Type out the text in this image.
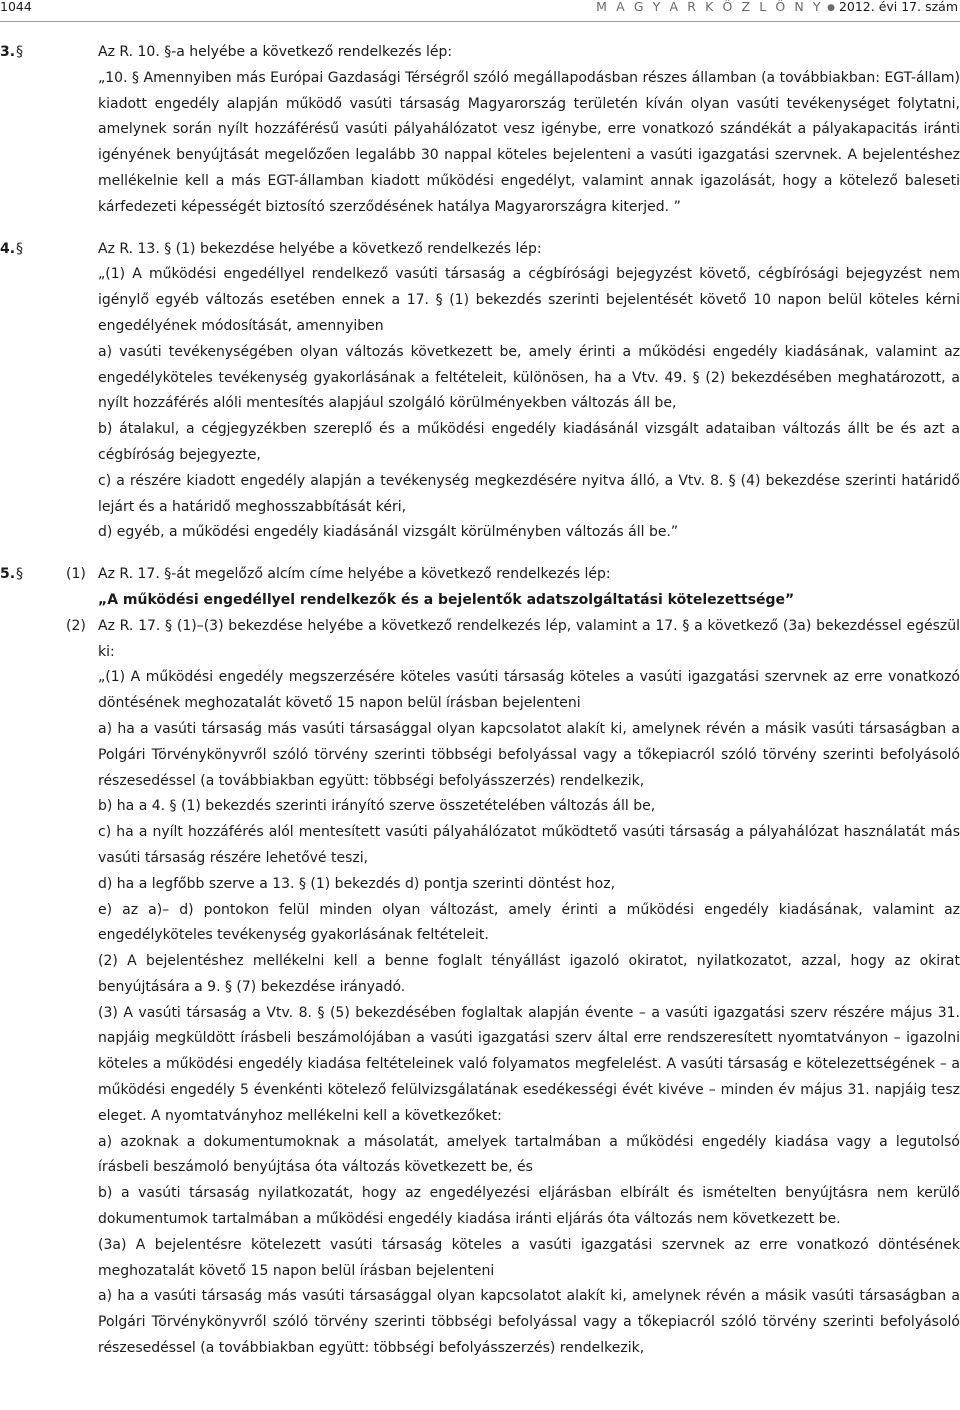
1044	M A G Y A R K Ö Z L Ö N Y ● 2012. évi 17. szám
3. §	Az R. 10. §-a helyébe a következő rendelkezés lép:

„10. § Amennyiben más Európai Gazdasági Térségről szóló megállapodásban részes államban (a továbbiakban: EGT-állam) kiadott engedély alapján működő vasúti társaság Magyarország területén kíván olyan vasúti tevékenységet folytatni, amelynek során nyílt hozzáférésű vasúti pályahálózatot vesz igénybe, erre vonatkozó szándékát a pályakapacitás iránti igényének benyújtását megelőzően legalább 30 nappal köteles bejelenteni a vasúti igazgatási szervnek. A bejelentéshez mellékelnie kell a más EGT-államban kiadott működési engedélyt, valamint annak igazolását, hogy a kötelező baleseti kárfedezeti képességét biztosító szerződésének hatálya Magyarországra kiterjed. ”

4. §	Az R. 13. § (1) bekezdése helyébe a következő rendelkezés lép:

„(1) A működési engedéllyel rendelkező vasúti társaság a cégbírósági bejegyzést követő, cégbírósági bejegyzést nem igénylő egyéb változás esetében ennek a 17. § (1) bekezdés szerinti bejelentését követő 10 napon belül köteles kérni engedélyének módosítását, amennyiben

a) vasúti tevékenységében olyan változás következett be, amely érinti a működési engedély kiadásának, valamint az engedélyköteles tevékenység gyakorlásának a feltételeit, különösen, ha a Vtv. 49. § (2) bekezdésében meghatározott, a nyílt hozzáférés alóli mentesítés alapjául szolgáló körülményekben változás áll be,

b) átalakul, a cégjegyzékben szereplő és a működési engedély kiadásánál vizsgált adataiban változás állt be és azt a cégbíróság bejegyezte,

c) a részére kiadott engedély alapján a tevékenység megkezdésére nyitva álló, a Vtv. 8. § (4) bekezdése szerinti határidő lejárt és a határidő meghosszabbítását kéri,

d) egyéb, a működési engedély kiadásánál vizsgált körülményben változás áll be.”

5. §	(1) Az R. 17. §-át megelőző alcím címe helyébe a következő rendelkezés lép:

„A működési engedéllyel rendelkezők és a bejelentők adatszolgáltatási kötelezettsége”

(2) Az R. 17. § (1)–(3) bekezdése helyébe a következő rendelkezés lép, valamint a 17. § a következő (3a) bekezdéssel egészül ki:

„(1) A működési engedély megszerzésére köteles vasúti társaság köteles a vasúti igazgatási szervnek az erre vonatkozó döntésének meghozatalát követő 15 napon belül írásban bejelenteni

a) ha a vasúti társaság más vasúti társasággal olyan kapcsolatot alakít ki, amelynek révén a másik vasúti társaságban a Polgári Törvénykönyvről szóló törvény szerinti többségi befolyással vagy a tőkepiacról szóló törvény szerinti befolyásoló részesedéssel (a továbbiakban együtt: többségi befolyásszerzés) rendelkezik,

b) ha a 4. § (1) bekezdés szerinti irányító szerve összetételében változás áll be,

c) ha a nyílt hozzáférés alól mentesített vasúti pályahálózatot működtető vasúti társaság a pályahálózat használatát más vasúti társaság részére lehetővé teszi,

d) ha a legfőbb szerve a 13. § (1) bekezdés d) pontja szerinti döntést hoz,

e) az a)– d) pontokon felül minden olyan változást, amely érinti a működési engedély kiadásának, valamint az engedélyköteles tevékenység gyakorlásának feltételeit.

(2) A bejelentéshez mellékelni kell a benne foglalt tényállást igazoló okiratot, nyilatkozatot, azzal, hogy az okirat benyújtására a 9. § (7) bekezdése irányadó.

(3) A vasúti társaság a Vtv. 8. § (5) bekezdésében foglaltak alapján évente – a vasúti igazgatási szerv részére május 31. napjáig megküldött írásbeli beszámolójában a vasúti igazgatási szerv által erre rendszeresített nyomtatványon – igazolni köteles a működési engedély kiadása feltételeinek való folyamatos megfelelést. A vasúti társaság e kötelezettségének – a működési engedély 5 évenkénti kötelező felülvizsgálatának esedékességi évét kivéve – minden év május 31. napjáig tesz eleget. A nyomtatványhoz mellékelni kell a következőket:

a) azoknak a dokumentumoknak a másolatát, amelyek tartalmában a működési engedély kiadása vagy a legutolsó írásbeli beszámoló benyújtása óta változás következett be, és

b) a vasúti társaság nyilatkozatát, hogy az engedélyezési eljárásban elbírált és ismételten benyújtásra nem kerülő dokumentumok tartalmában a működési engedély kiadása iránti eljárás óta változás nem következett be.

(3a) A bejelentésre kötelezett vasúti társaság köteles a vasúti igazgatási szervnek az erre vonatkozó döntésének meghozatalát követő 15 napon belül írásban bejelenteni

a) ha a vasúti társaság más vasúti társasággal olyan kapcsolatot alakít ki, amelynek révén a másik vasúti társaságban a Polgári Törvénykönyvről szóló törvény szerinti többségi befolyással vagy a tőkepiacról szóló törvény szerinti befolyásoló részesedéssel (a továbbiakban együtt: többségi befolyásszerzés) rendelkezik,
